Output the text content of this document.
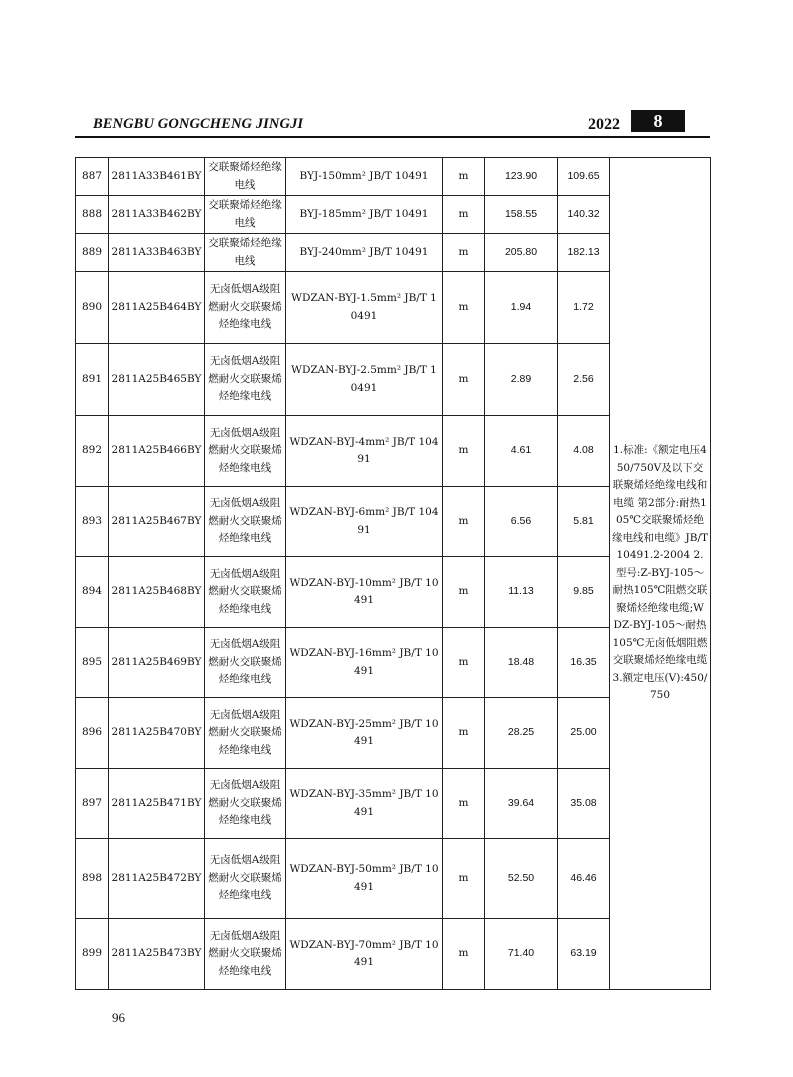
BENGBU GONGCHENG JINGJI	2022	8
887	2811A33B461BY	交联聚烯烃绝缘电线	BYJ-150mm² JB/T 10491	m	123.90	109.65	1.标准:《额定电压450/750V及以下交联聚烯烃绝缘电线和电缆 第2部分:耐热105℃交联聚烯烃绝缘电线和电缆》JB/T 10491.2-2004 2.型号:Z-BYJ-105～耐热105℃阻燃交联聚烯烃绝缘电缆;WDZ-BYJ-105～耐热105℃无卤低烟阻燃交联聚烯烃绝缘电缆 3.额定电压(V):450/750
888	2811A33B462BY	交联聚烯烃绝缘电线	BYJ-185mm² JB/T 10491	m	158.55	140.32	
889	2811A33B463BY	交联聚烯烃绝缘电线	BYJ-240mm² JB/T 10491	m	205.80	182.13	
890	2811A25B464BY	无卤低烟A级阻燃耐火交联聚烯烃绝缘电线	WDZAN-BYJ-1.5mm² JB/T 10491	m	1.94	1.72	
891	2811A25B465BY	无卤低烟A级阻燃耐火交联聚烯烃绝缘电线	WDZAN-BYJ-2.5mm² JB/T 10491	m	2.89	2.56	
892	2811A25B466BY	无卤低烟A级阻燃耐火交联聚烯烃绝缘电线	WDZAN-BYJ-4mm² JB/T 10491	m	4.61	4.08	
893	2811A25B467BY	无卤低烟A级阻燃耐火交联聚烯烃绝缘电线	WDZAN-BYJ-6mm² JB/T 10491	m	6.56	5.81	
894	2811A25B468BY	无卤低烟A级阻燃耐火交联聚烯烃绝缘电线	WDZAN-BYJ-10mm² JB/T 10491	m	11.13	9.85	
895	2811A25B469BY	无卤低烟A级阻燃耐火交联聚烯烃绝缘电线	WDZAN-BYJ-16mm² JB/T 10491	m	18.48	16.35	
896	2811A25B470BY	无卤低烟A级阻燃耐火交联聚烯烃绝缘电线	WDZAN-BYJ-25mm² JB/T 10491	m	28.25	25.00	
897	2811A25B471BY	无卤低烟A级阻燃耐火交联聚烯烃绝缘电线	WDZAN-BYJ-35mm² JB/T 10491	m	39.64	35.08	
898	2811A25B472BY	无卤低烟A级阻燃耐火交联聚烯烃绝缘电线	WDZAN-BYJ-50mm² JB/T 10491	m	52.50	46.46	
899	2811A25B473BY	无卤低烟A级阻燃耐火交联聚烯烃绝缘电线	WDZAN-BYJ-70mm² JB/T 10491	m	71.40	63.19	
96
